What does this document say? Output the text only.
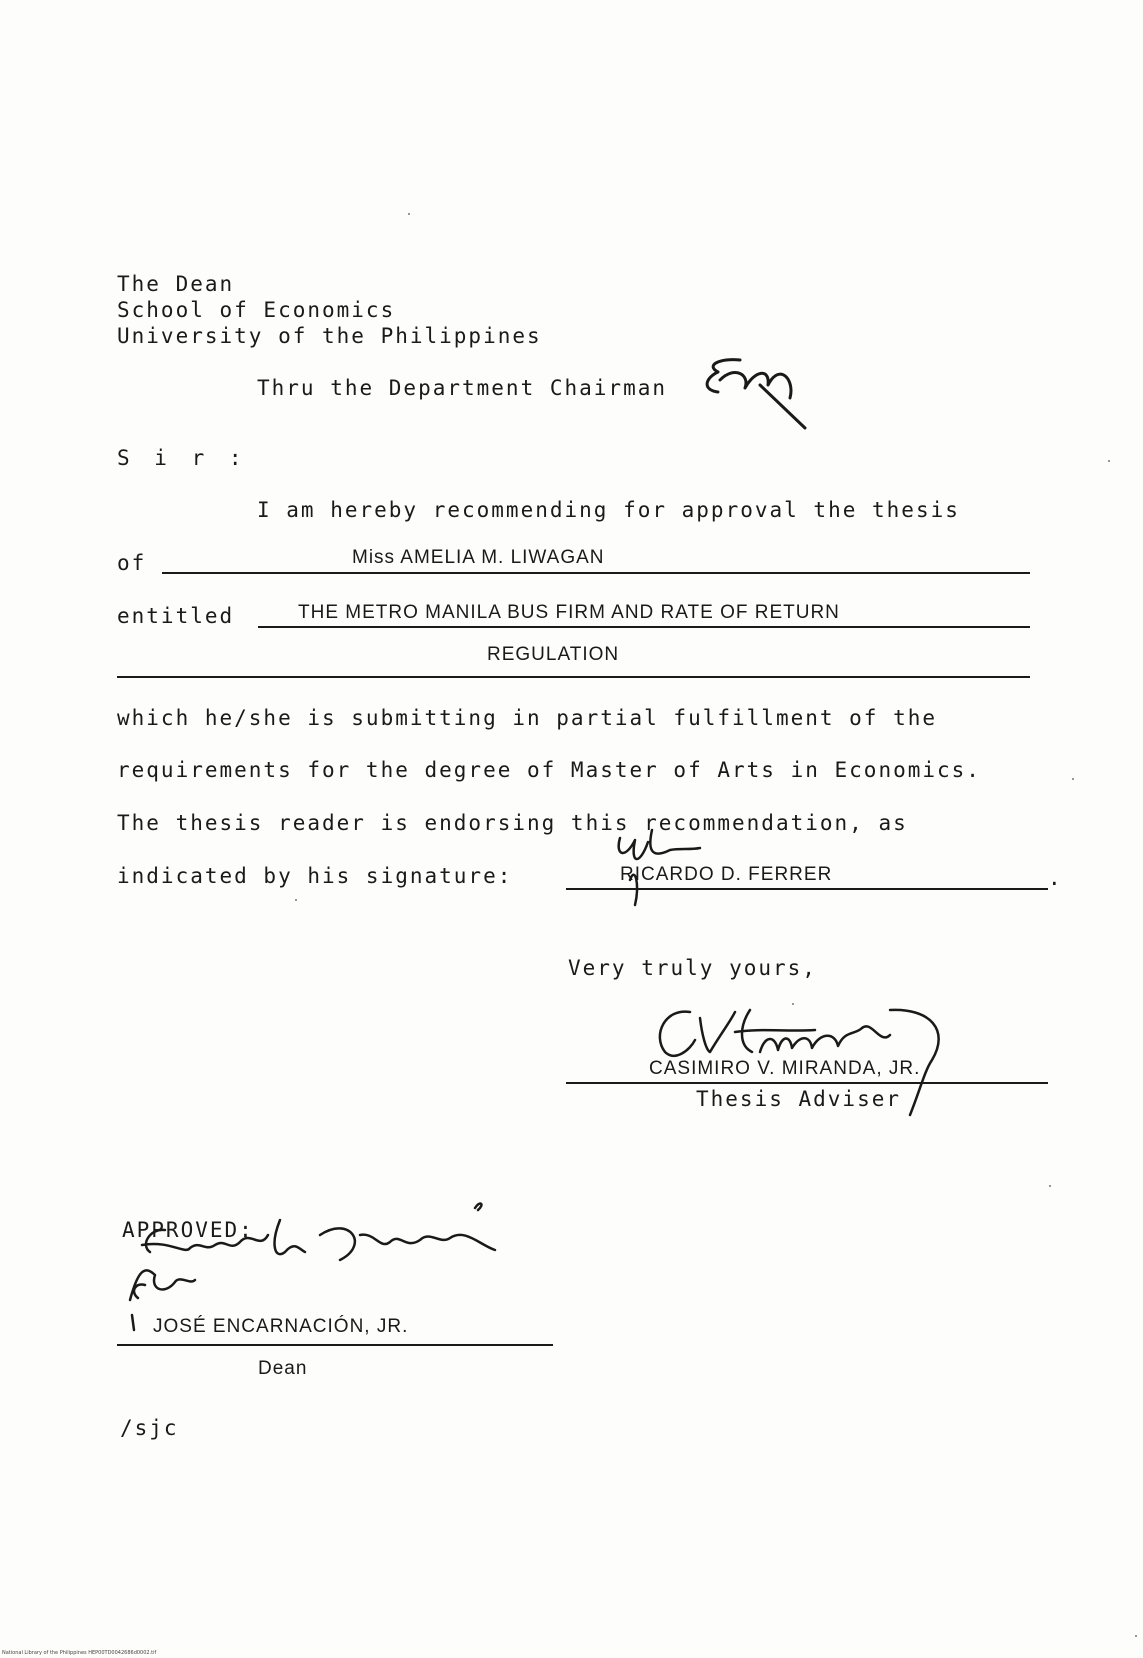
The Dean
School of Economics
University of the Philippines
Thru the Department Chairman
S i r :
I am hereby recommending for approval the thesis
of	Miss AMELIA M. LIWAGAN
entitled	THE METRO MANILA BUS FIRM AND RATE OF RETURN
REGULATION
which he/she is submitting in partial fulfillment of the
requirements for the degree of Master of Arts in Economics.
The thesis reader is endorsing this recommendation, as
indicated by his signature:	RICARDO D. FERRER	.
Very truly yours,
CASIMIRO V. MIRANDA, JR.
Thesis Adviser
APPROVED:
JOSÉ ENCARNACIÓN, JR.
Dean
/sjc
National Library of the Philippines HEP00TD0042686d0002.tif
